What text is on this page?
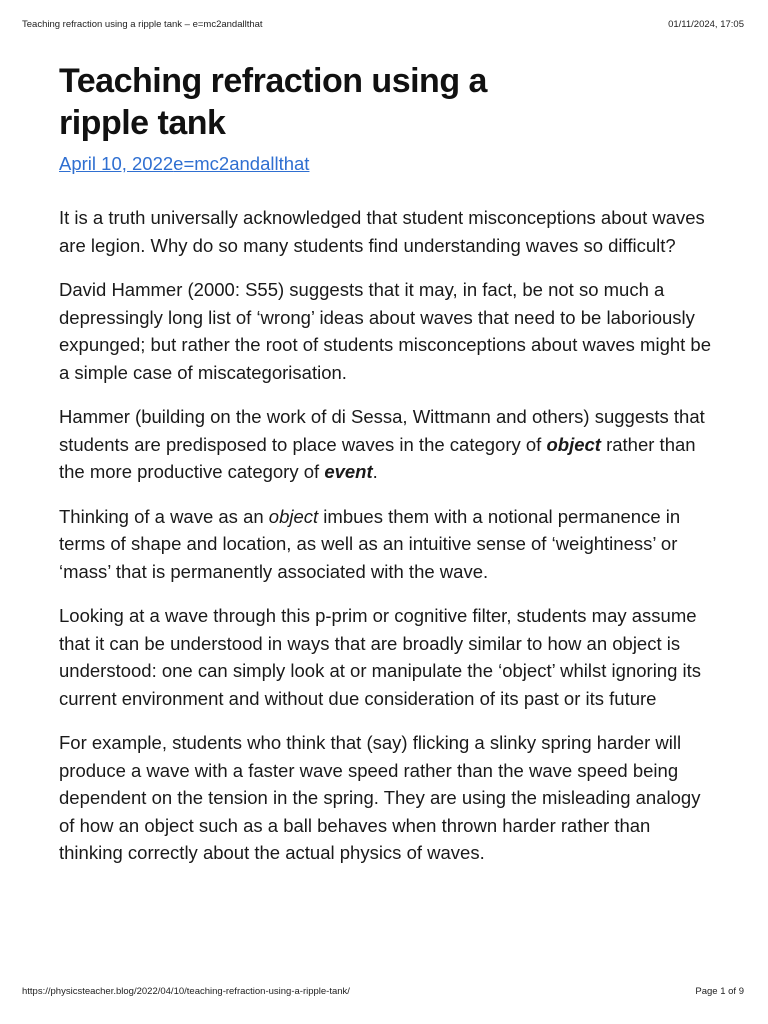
Teaching refraction using a ripple tank – e=mc2andallthat	01/11/2024, 17:05
Teaching refraction using a ripple tank
April 10, 2022e=mc2andallthat

It is a truth universally acknowledged that student misconceptions about waves are legion. Why do so many students find understanding waves so difficult?

David Hammer (2000: S55) suggests that it may, in fact, be not so much a depressingly long list of ‘wrong’ ideas about waves that need to be laboriously expunged; but rather the root of students misconceptions about waves might be a simple case of miscategorisation.

Hammer (building on the work of di Sessa, Wittmann and others) suggests that students are predisposed to place waves in the category of object rather than the more productive category of event.

Thinking of a wave as an object imbues them with a notional permanence in terms of shape and location, as well as an intuitive sense of ‘weightiness’ or ‘mass’ that is permanently associated with the wave.

Looking at a wave through this p-prim or cognitive filter, students may assume that it can be understood in ways that are broadly similar to how an object is understood: one can simply look at or manipulate the ‘object’ whilst ignoring its current environment and without due consideration of its past or its future

For example, students who think that (say) flicking a slinky spring harder will produce a wave with a faster wave speed rather than the wave speed being dependent on the tension in the spring. They are using the misleading analogy of how an object such as a ball behaves when thrown harder rather than thinking correctly about the actual physics of waves.

https://physicsteacher.blog/2022/04/10/teaching-refraction-using-a-ripple-tank/	Page 1 of 9
